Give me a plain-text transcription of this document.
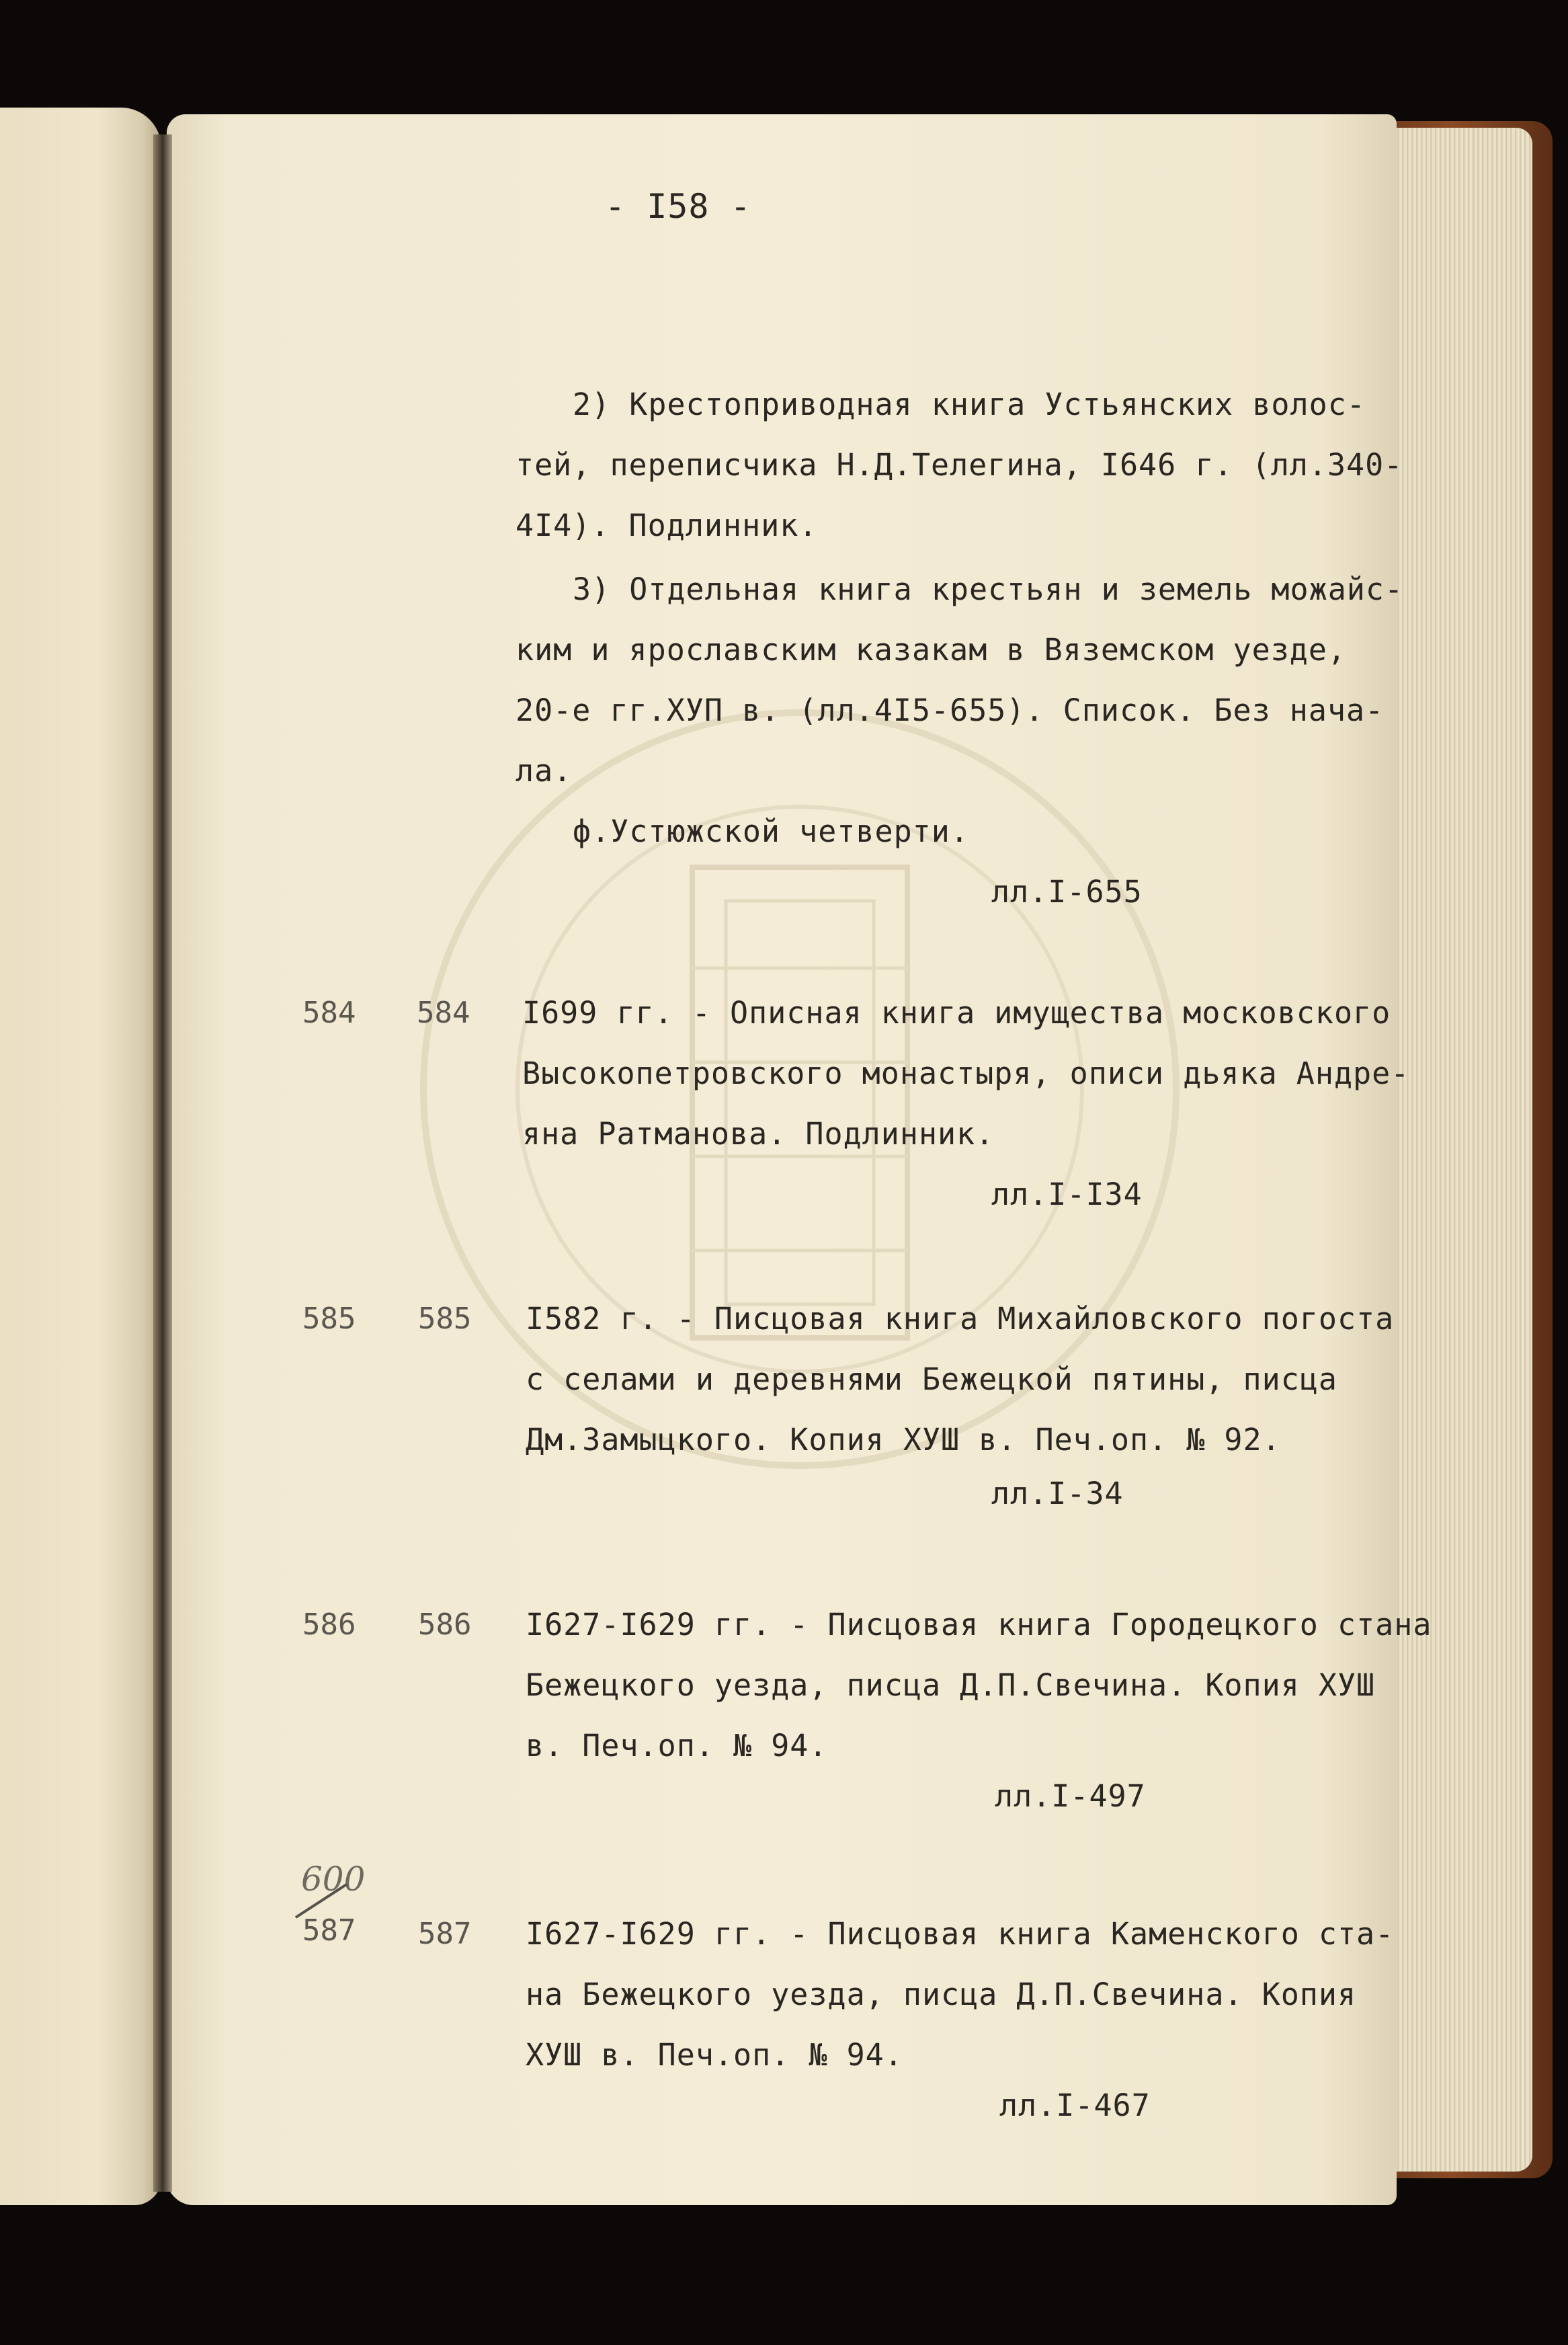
- I58 -

2) Крестоприводная книга Устьянских волос-

тей, переписчика Н.Д.Телегина, I646 г. (лл.340-

4I4). Подлинник.

3) Отдельная книга крестьян и земель можайс-

ким и ярославским казакам в Вяземском уезде,

20-е гг.ХУП в. (лл.4I5-655). Список. Без нача-

ла.

ф.Устюжской четверти.

лл.I-655

584 584 I699 гг. - Описная книга имущества московского

Высокопетровского монастыря, описи дьяка Андре-

яна Ратманова. Подлинник.

лл.I-I34

585 585 I582 г. - Писцовая книга Михайловского погоста

с селами и деревнями Бежецкой пятины, писца

Дм.Замыцкого. Копия ХУШ в. Печ.оп. № 92.

лл.I-34

586 586 I627-I629 гг. - Писцовая книга Городецкого стана

Бежецкого уезда, писца Д.П.Свечина. Копия ХУШ

в. Печ.оп. № 94.

лл.I-497

600

587 587 I627-I629 гг. - Писцовая книга Каменского ста-

на Бежецкого уезда, писца Д.П.Свечина. Копия

ХУШ в. Печ.оп. № 94.

лл.I-467
